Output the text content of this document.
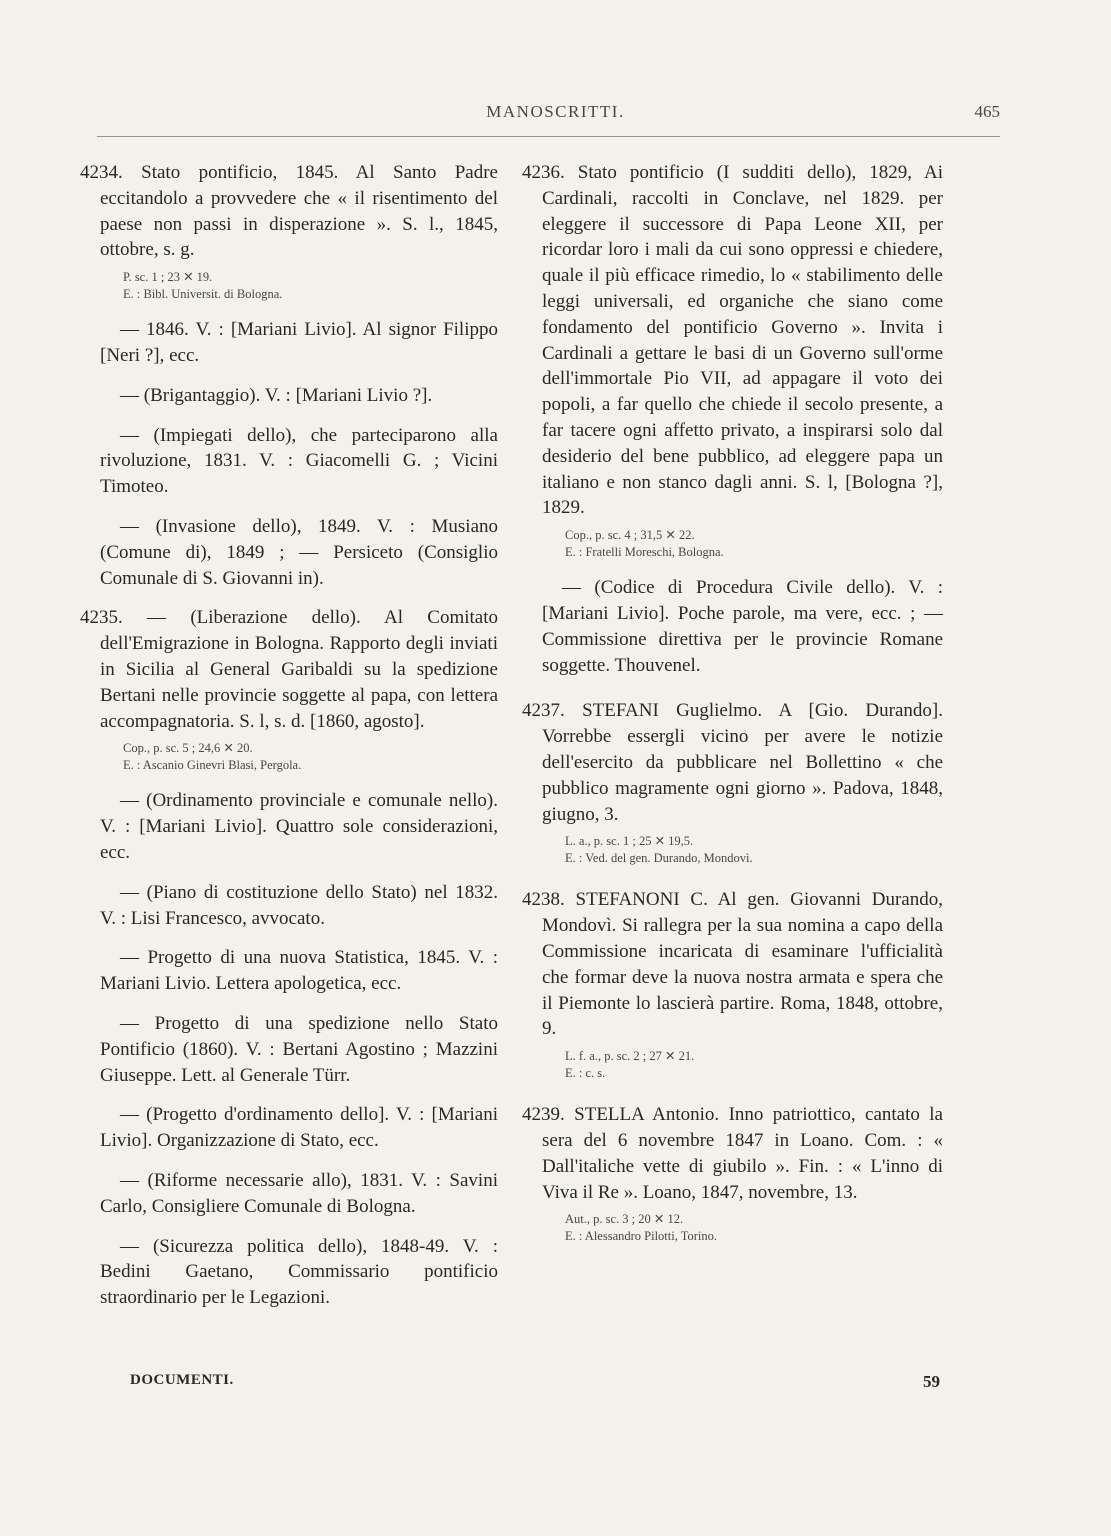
MANOSCRITTI.	465

4234. Stato pontificio, 1845. Al Santo Padre eccitandolo a provvedere che « il risentimento del paese non passi in disperazione ». S. l., 1845, ottobre, s. g.

P. sc. 1 ; 23 ✕ 19.
E. : Bibl. Universit. di Bologna.

— 1846. V. : [Mariani Livio]. Al signor Filippo [Neri ?], ecc.

— (Brigantaggio). V. : [Mariani Livio ?].

— (Impiegati dello), che parteciparono alla rivoluzione, 1831. V. : Giacomelli G. ; Vicini Timoteo.

— (Invasione dello), 1849. V. : Musiano (Comune di), 1849 ; — Persiceto (Consiglio Comunale di S. Giovanni in).

4235. — (Liberazione dello). Al Comitato dell'Emigrazione in Bologna. Rapporto degli inviati in Sicilia al General Garibaldi su la spedizione Bertani nelle provincie soggette al papa, con lettera accompagnatoria. S. l, s. d. [1860, agosto].

Cop., p. sc. 5 ; 24,6 ✕ 20.
E. : Ascanio Ginevri Blasi, Pergola.

— (Ordinamento provinciale e comunale nello). V. : [Mariani Livio]. Quattro sole considerazioni, ecc.

— (Piano di costituzione dello Stato) nel 1832. V. : Lisi Francesco, avvocato.

— Progetto di una nuova Statistica, 1845. V. : Mariani Livio. Lettera apologetica, ecc.

— Progetto di una spedizione nello Stato Pontificio (1860). V. : Bertani Agostino ; Mazzini Giuseppe. Lett. al Generale Türr.

— (Progetto d'ordinamento dello]. V. : [Mariani Livio]. Organizzazione di Stato, ecc.

— (Riforme necessarie allo), 1831. V. : Savini Carlo, Consigliere Comunale di Bologna.

— (Sicurezza politica dello), 1848-49. V. : Bedini Gaetano, Commissario pontificio straordinario per le Legazioni.

4236. Stato pontificio (I sudditi dello), 1829, Ai Cardinali, raccolti in Conclave, nel 1829. per eleggere il successore di Papa Leone XII, per ricordar loro i mali da cui sono oppressi e chiedere, quale il più efficace rimedio, lo « stabilimento delle leggi universali, ed organiche che siano come fondamento del pontificio Governo ». Invita i Cardinali a gettare le basi di un Governo sull'orme dell'immortale Pio VII, ad appagare il voto dei popoli, a far quello che chiede il secolo presente, a far tacere ogni affetto privato, a inspirarsi solo dal desiderio del bene pubblico, ad eleggere papa un italiano e non stanco dagli anni. S. l, [Bologna ?], 1829.

Cop., p. sc. 4 ; 31,5 ✕ 22.
E. : Fratelli Moreschi, Bologna.

— (Codice di Procedura Civile dello). V. : [Mariani Livio]. Poche parole, ma vere, ecc. ; — Commissione direttiva per le provincie Romane soggette. Thouvenel.

4237. STEFANI Guglielmo. A [Gio. Durando]. Vorrebbe essergli vicino per avere le notizie dell'esercito da pubblicare nel Bollettino « che pubblico magramente ogni giorno ». Padova, 1848, giugno, 3.

L. a., p. sc. 1 ; 25 ✕ 19,5.
E. : Ved. del gen. Durando, Mondovì.

4238. STEFANONI C. Al gen. Giovanni Durando, Mondovì. Si rallegra per la sua nomina a capo della Commissione incaricata di esaminare l'ufficialità che formar deve la nuova nostra armata e spera che il Piemonte lo lascierà partire. Roma, 1848, ottobre, 9.

L. f. a., p. sc. 2 ; 27 ✕ 21.
E. : c. s.

4239. STELLA Antonio. Inno patriottico, cantato la sera del 6 novembre 1847 in Loano. Com. : « Dall'italiche vette di giubilo ». Fin. : « L'inno di Viva il Re ». Loano, 1847, novembre, 13.

Aut., p. sc. 3 ; 20 ✕ 12.
E. : Alessandro Pilotti, Torino.
DOCUMENTI.	59
